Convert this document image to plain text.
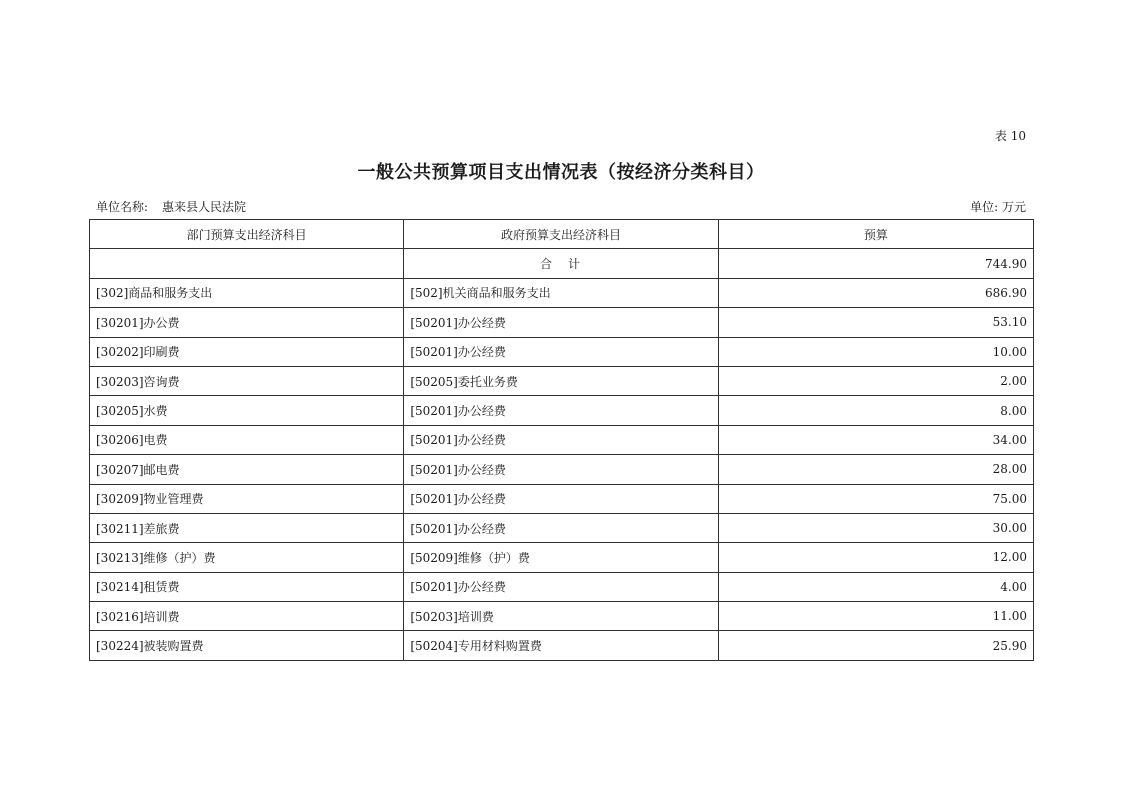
表 10
一般公共预算项目支出情况表（按经济分类科目）
单位名称: 惠来县人民法院	单位: 万元
部门预算支出经济科目	政府预算支出经济科目	预算
	合　计	744.90
[302]商品和服务支出	[502]机关商品和服务支出	686.90
[30201]办公费	[50201]办公经费	53.10
[30202]印刷费	[50201]办公经费	10.00
[30203]咨询费	[50205]委托业务费	2.00
[30205]水费	[50201]办公经费	8.00
[30206]电费	[50201]办公经费	34.00
[30207]邮电费	[50201]办公经费	28.00
[30209]物业管理费	[50201]办公经费	75.00
[30211]差旅费	[50201]办公经费	30.00
[30213]维修（护）费	[50209]维修（护）费	12.00
[30214]租赁费	[50201]办公经费	4.00
[30216]培训费	[50203]培训费	11.00
[30224]被装购置费	[50204]专用材料购置费	25.90
